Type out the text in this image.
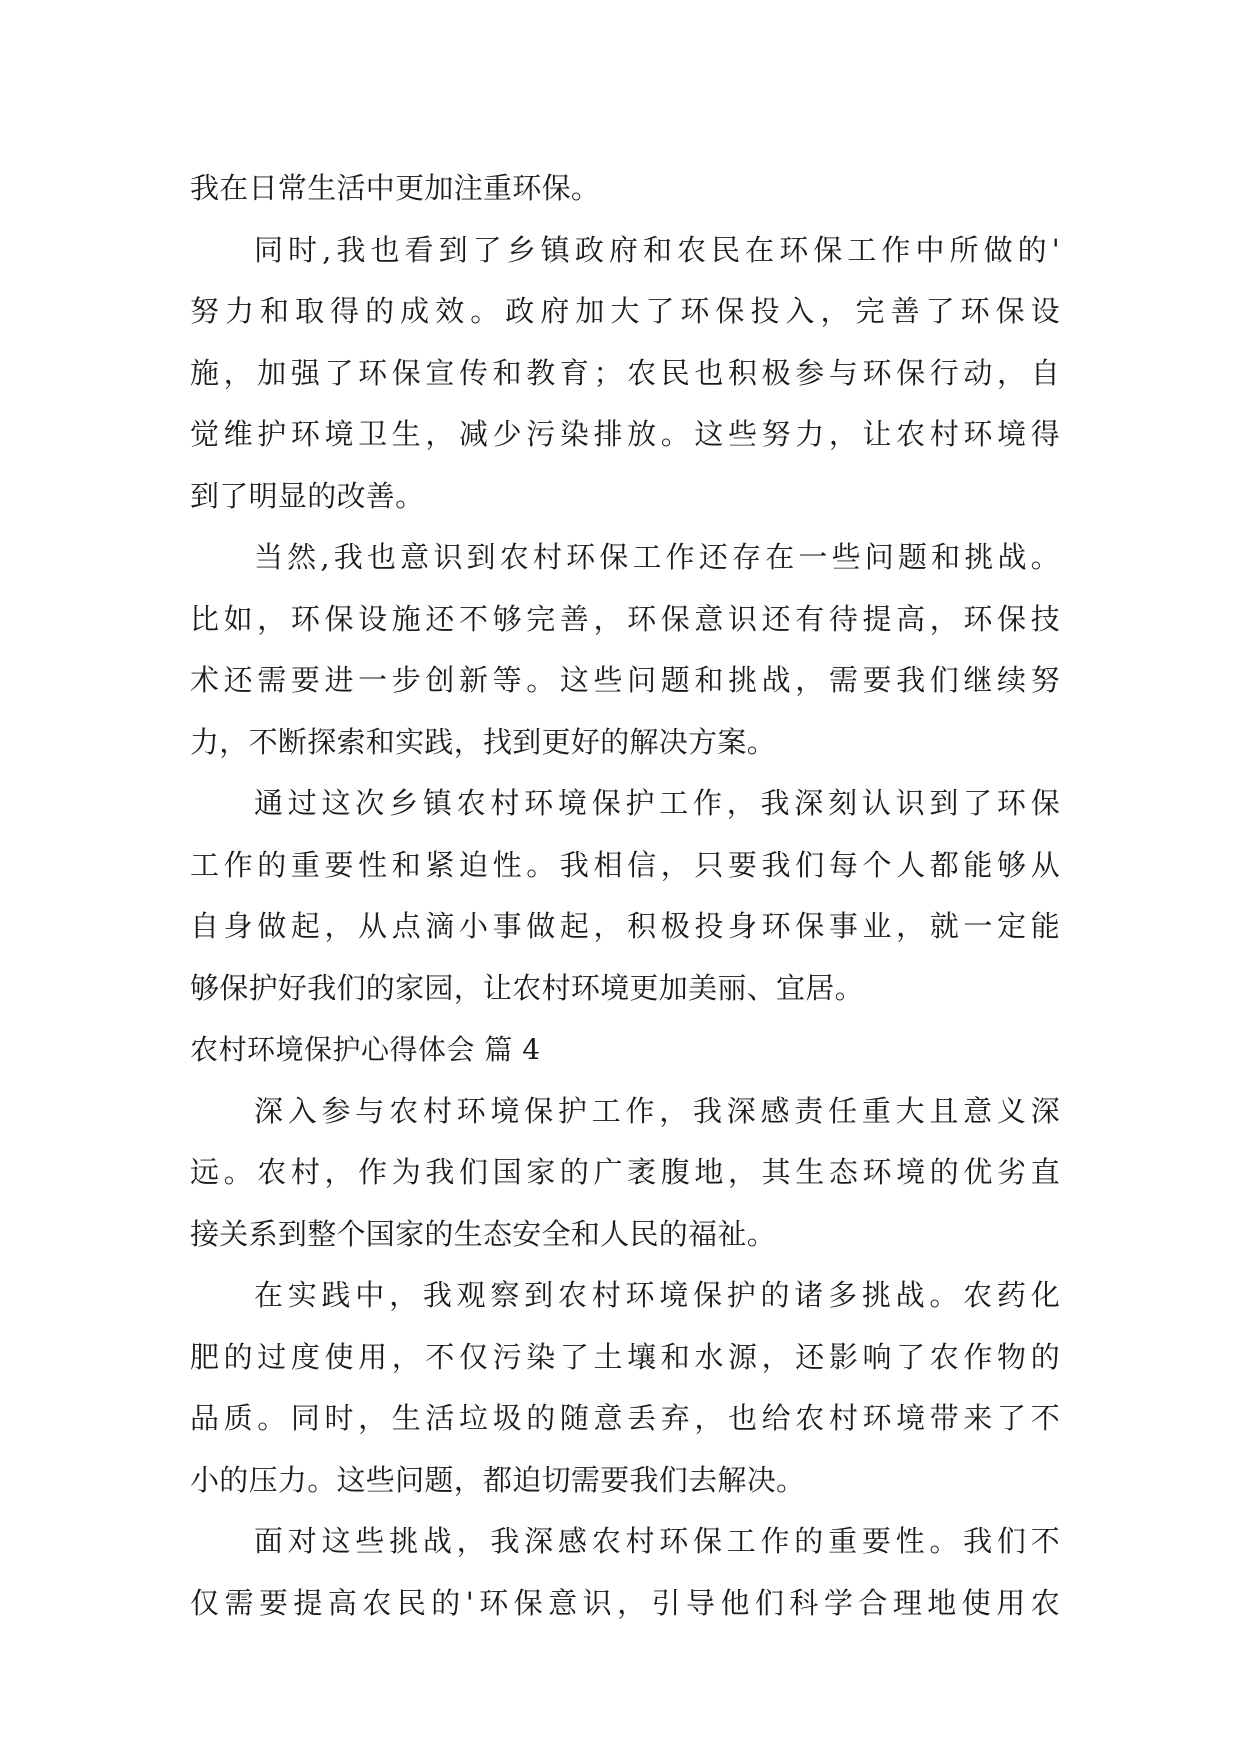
我在日常生活中更加注重环保。
同时,我也看到了乡镇政府和农民在环保工作中所做的'
努力和取得的成效。政府加大了环保投入，完善了环保设
施，加强了环保宣传和教育；农民也积极参与环保行动，自
觉维护环境卫生，减少污染排放。这些努力，让农村环境得
到了明显的改善。
当然,我也意识到农村环保工作还存在一些问题和挑战。
比如，环保设施还不够完善，环保意识还有待提高，环保技
术还需要进一步创新等。这些问题和挑战，需要我们继续努
力，不断探索和实践，找到更好的解决方案。
通过这次乡镇农村环境保护工作，我深刻认识到了环保
工作的重要性和紧迫性。我相信，只要我们每个人都能够从
自身做起，从点滴小事做起，积极投身环保事业，就一定能
够保护好我们的家园，让农村环境更加美丽、宜居。
农村环境保护心得体会 篇 4
深入参与农村环境保护工作，我深感责任重大且意义深
远。农村，作为我们国家的广袤腹地，其生态环境的优劣直
接关系到整个国家的生态安全和人民的福祉。
在实践中，我观察到农村环境保护的诸多挑战。农药化
肥的过度使用，不仅污染了土壤和水源，还影响了农作物的
品质。同时，生活垃圾的随意丢弃，也给农村环境带来了不
小的压力。这些问题，都迫切需要我们去解决。
面对这些挑战，我深感农村环保工作的重要性。我们不
仅需要提高农民的'环保意识，引导他们科学合理地使用农
